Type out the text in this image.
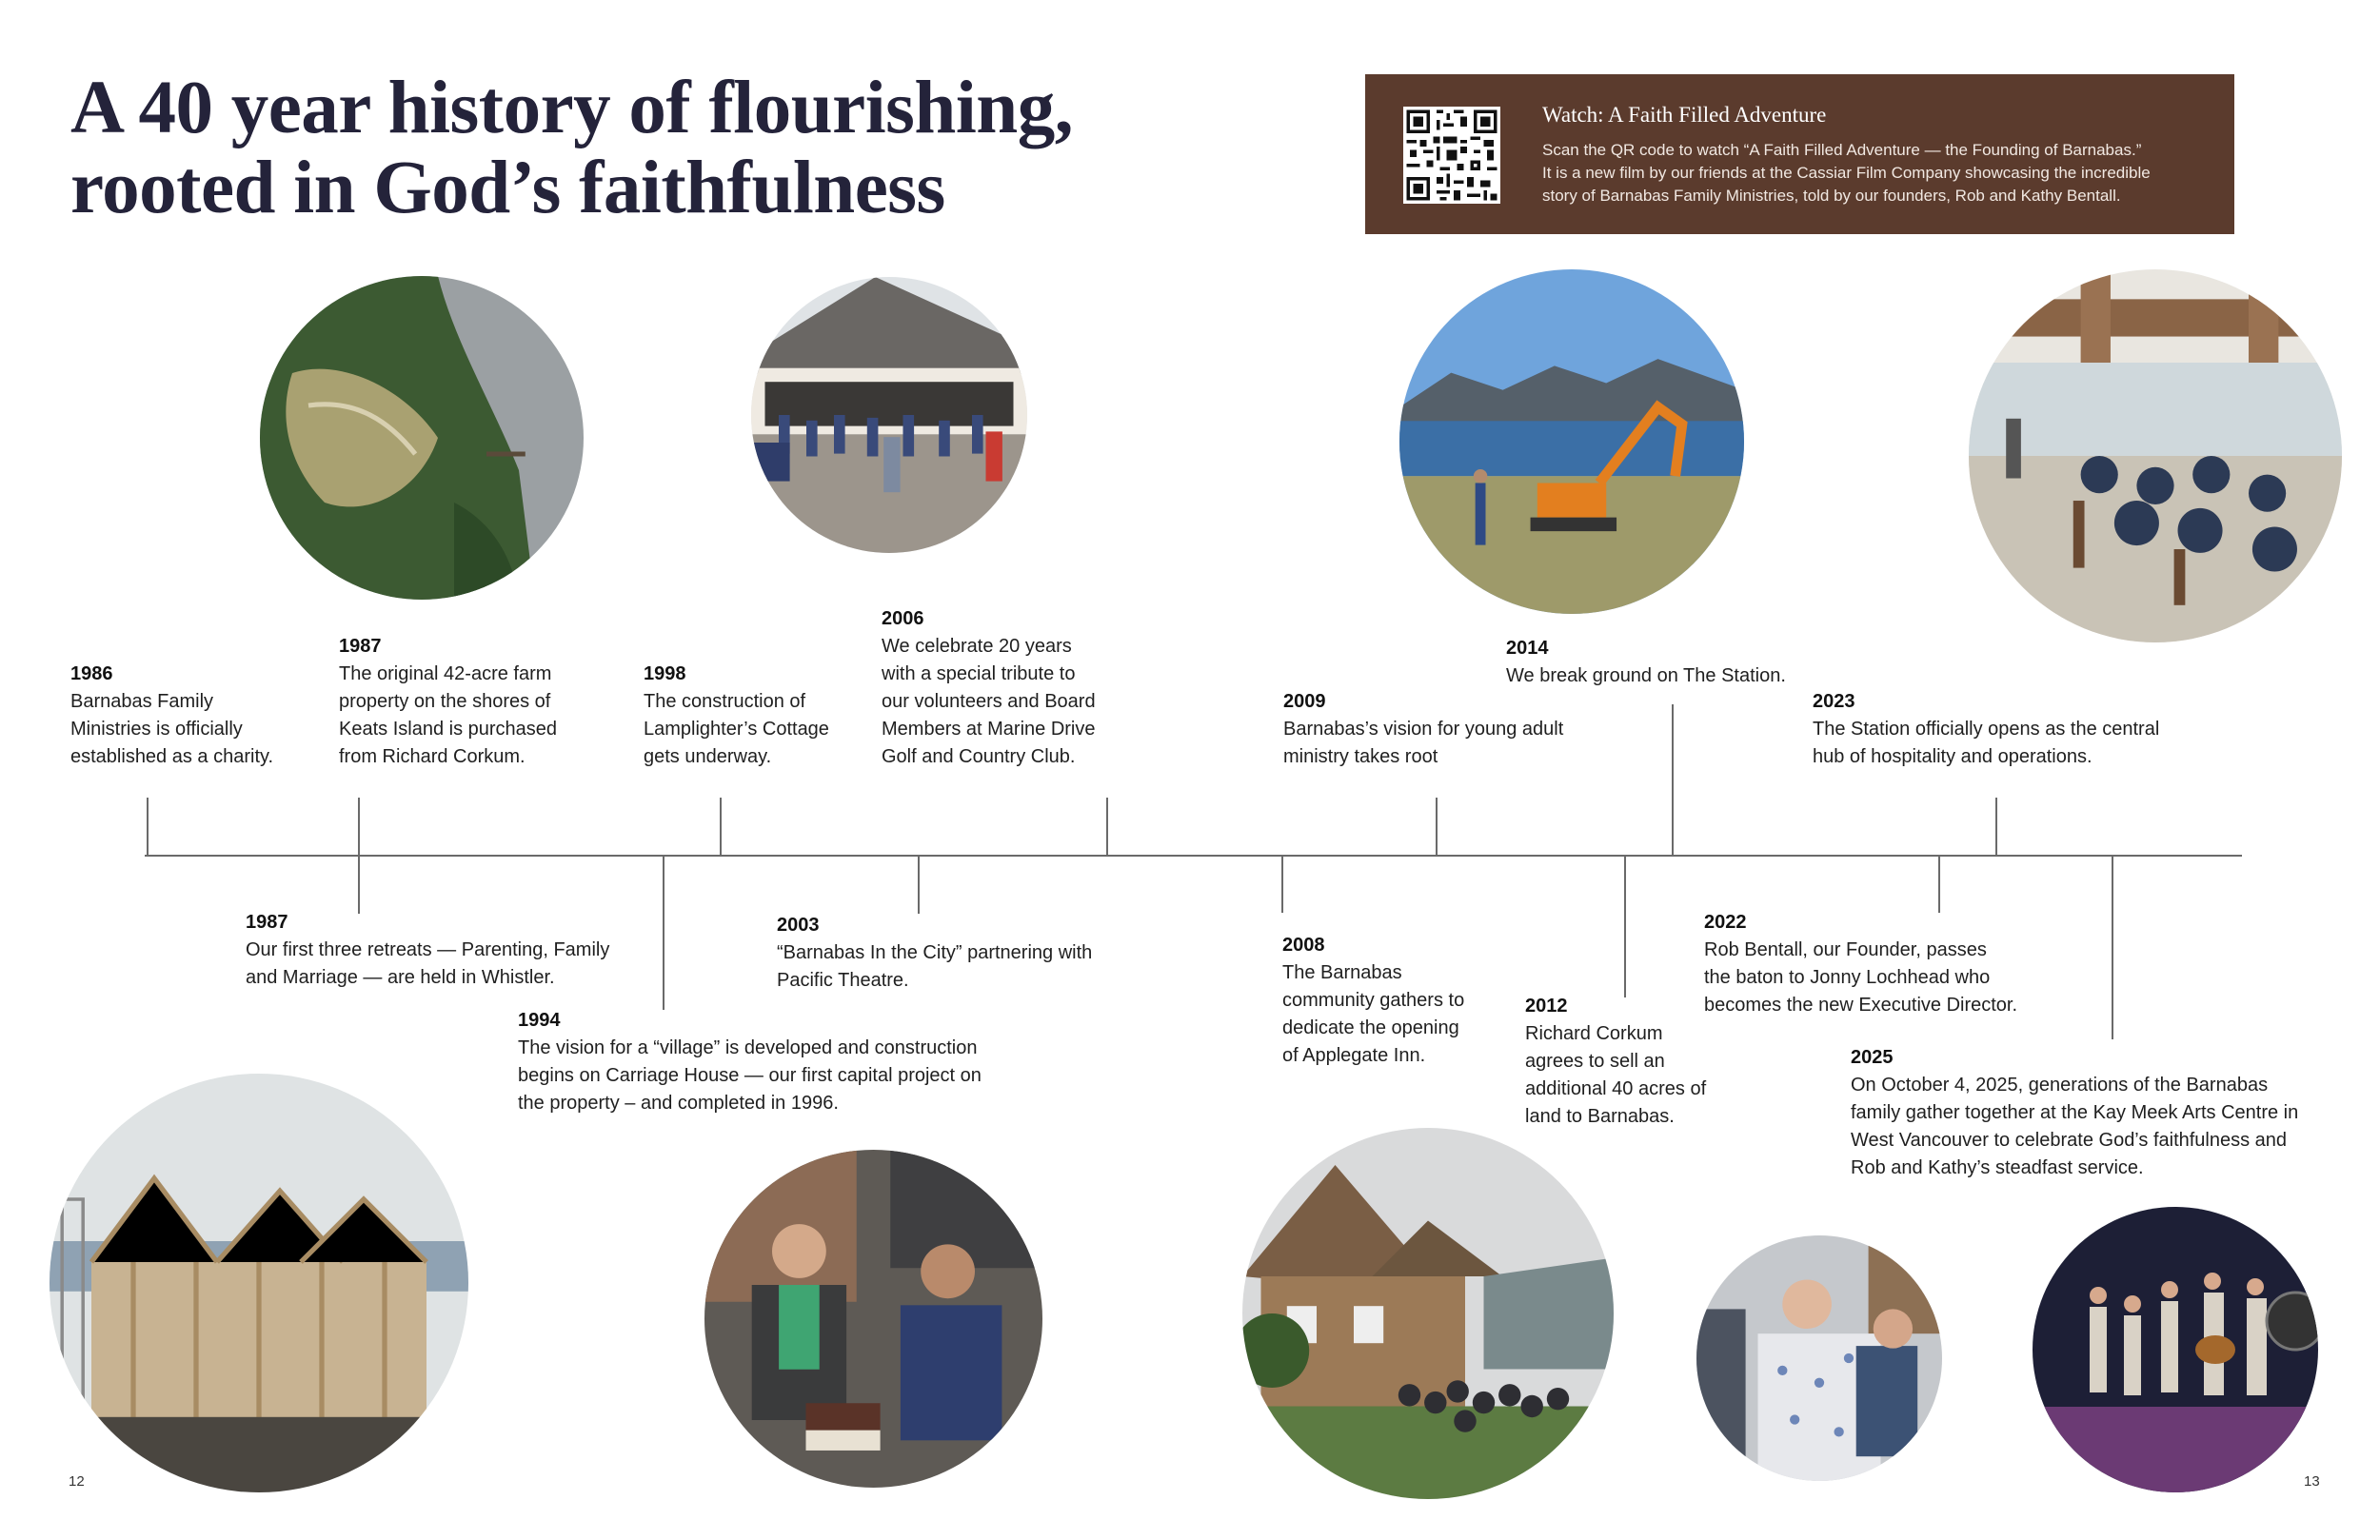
A 40 year history of flourishing,
rooted in God’s faithfulness
Watch: A Faith Filled Adventure
Scan the QR code to watch “A Faith Filled Adventure — the Founding of Barnabas.”
It is a new film by our friends at the Cassiar Film Company showcasing the incredible
story of Barnabas Family Ministries, told by our founders, Rob and Kathy Bentall.
1986
Barnabas Family
Ministries is officially
established as a charity.
1987
The original 42-acre farm
property on the shores of
Keats Island is purchased
from Richard Corkum.
1998
The construction of
Lamplighter’s Cottage
gets underway.
2006
We celebrate 20 years
with a special tribute to
our volunteers and Board
Members at Marine Drive
Golf and Country Club.
2009
Barnabas’s vision for young adult
ministry takes root
2014
We break ground on The Station.
2023
The Station officially opens as the central
hub of hospitality and operations.
1987
Our first three retreats — Parenting, Family
and Marriage — are held in Whistler.
1994
The vision for a “village” is developed and construction
begins on Carriage House — our first capital project on
the property – and completed in 1996.
2003
“Barnabas In the City” partnering with
Pacific Theatre.
2008
The Barnabas
community gathers to
dedicate the opening
of Applegate Inn.
2012
Richard Corkum
agrees to sell an
additional 40 acres of
land to Barnabas.
2022
Rob Bentall, our Founder, passes
the baton to Jonny Lochhead who
becomes the new Executive Director.
2025
On October 4, 2025, generations of the Barnabas
family gather together at the Kay Meek Arts Centre in
West Vancouver to celebrate God’s faithfulness and
Rob and Kathy’s steadfast service.
12	13
